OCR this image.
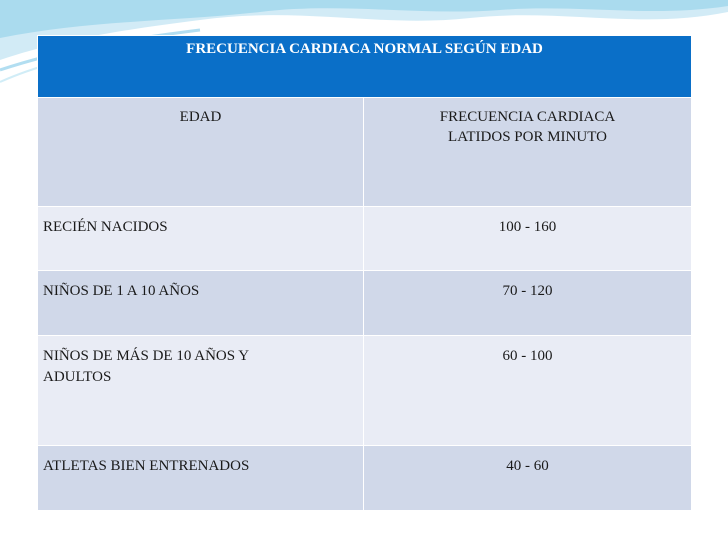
FRECUENCIA CARDIACA NORMAL SEGÚN EDAD	
EDAD	FRECUENCIA CARDIACA
LATIDOS POR MINUTO

RECIÉN NACIDOS	100 - 160
NIÑOS DE 1 A 10 AÑOS	70 - 120

NIÑOS DE MÁS DE 10 AÑOS Y ADULTOS	60 - 100
ATLETAS BIEN ENTRENADOS	40 - 60
